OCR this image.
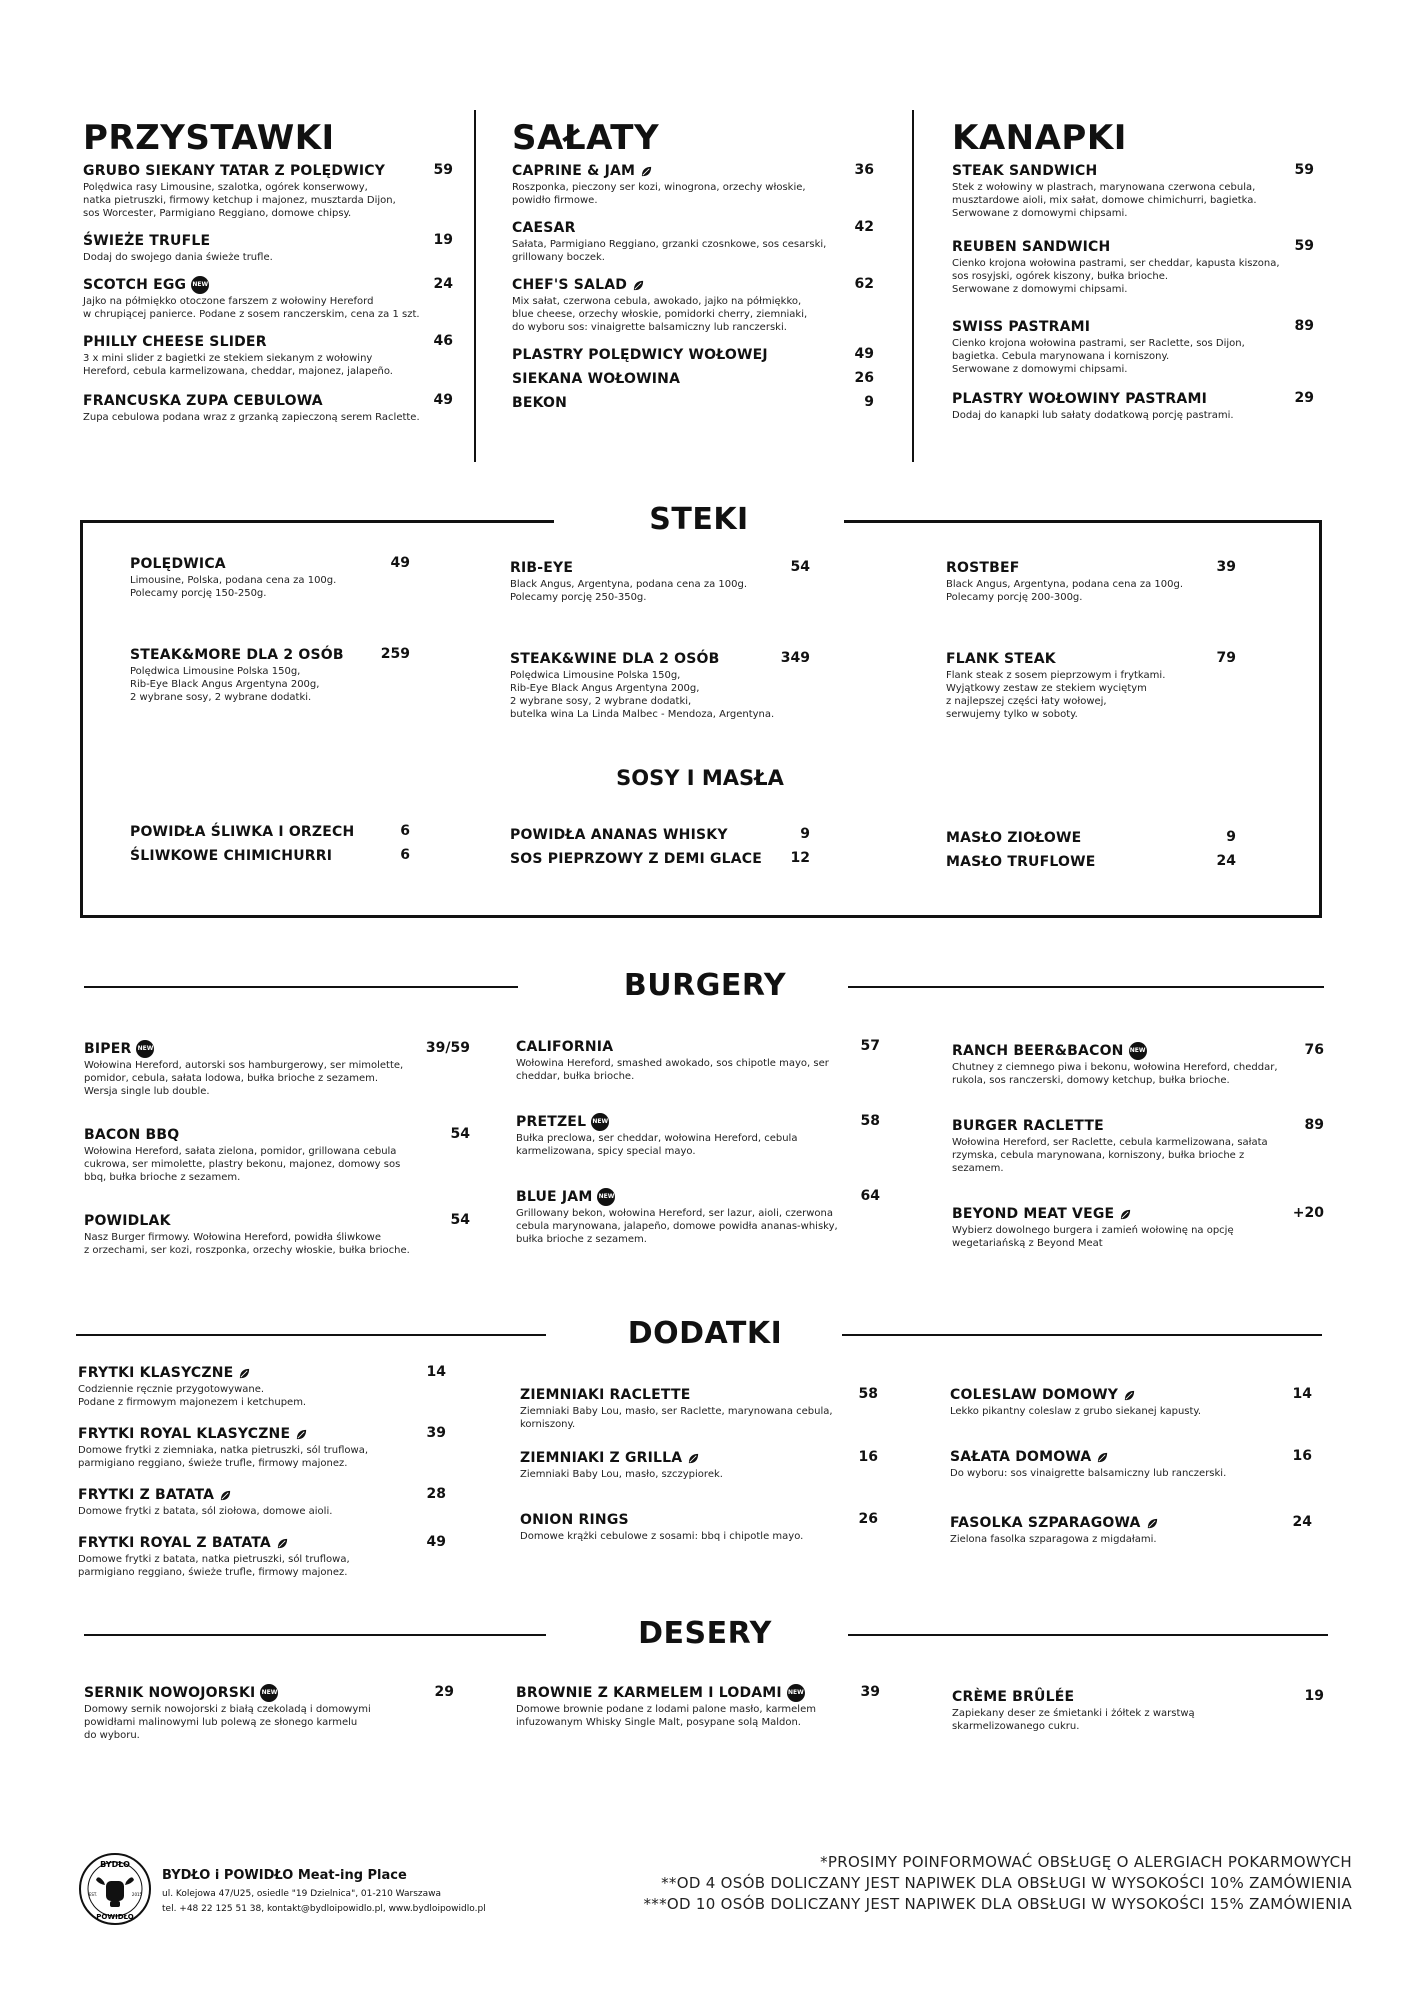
PRZYSTAWKI
GRUBO SIEKANY TATAR Z POLĘDWICY	59
Polędwica rasy Limousine, szalotka, ogórek konserwowy,
natka pietruszki, firmowy ketchup i majonez, musztarda Dijon,
sos Worcester, Parmigiano Reggiano, domowe chipsy.
ŚWIEŻE TRUFLE	19
Dodaj do swojego dania świeże trufle.
SCOTCH EGG NEW	24
Jajko na półmiękko otoczone farszem z wołowiny Hereford
w chrupiącej panierce. Podane z sosem ranczerskim, cena za 1 szt.
PHILLY CHEESE SLIDER	46
3 x mini slider z bagietki ze stekiem siekanym z wołowiny
Hereford, cebula karmelizowana, cheddar, majonez, jalapeño.
FRANCUSKA ZUPA CEBULOWA	49
Zupa cebulowa podana wraz z grzanką zapieczoną serem Raclette.
SAŁATY
CAPRINE & JAM	36
Roszponka, pieczony ser kozi, winogrona, orzechy włoskie,
powidło firmowe.
CAESAR	42
Sałata, Parmigiano Reggiano, grzanki czosnkowe, sos cesarski,
grillowany boczek.
CHEF'S SALAD	62
Mix sałat, czerwona cebula, awokado, jajko na półmiękko,
blue cheese, orzechy włoskie, pomidorki cherry, ziemniaki,
do wyboru sos: vinaigrette balsamiczny lub ranczerski.
PLASTRY POLĘDWICY WOŁOWEJ	49
SIEKANA WOŁOWINA	26
BEKON	9
KANAPKI
STEAK SANDWICH	59
Stek z wołowiny w plastrach, marynowana czerwona cebula,
musztardowe aioli, mix sałat, domowe chimichurri, bagietka.
Serwowane z domowymi chipsami.
REUBEN SANDWICH	59
Cienko krojona wołowina pastrami, ser cheddar, kapusta kiszona,
sos rosyjski, ogórek kiszony, bułka brioche.
Serwowane z domowymi chipsami.
SWISS PASTRAMI	89
Cienko krojona wołowina pastrami, ser Raclette, sos Dijon,
bagietka. Cebula marynowana i korniszony.
Serwowane z domowymi chipsami.
PLASTRY WOŁOWINY PASTRAMI	29
Dodaj do kanapki lub sałaty dodatkową porcję pastrami.
STEKI
POLĘDWICA	49
Limousine, Polska, podana cena za 100g.
Polecamy porcję 150-250g.
STEAK&MORE DLA 2 OSÓB	259
Polędwica Limousine Polska 150g,
Rib-Eye Black Angus Argentyna 200g,
2 wybrane sosy, 2 wybrane dodatki.
RIB-EYE	54
Black Angus, Argentyna, podana cena za 100g.
Polecamy porcję 250-350g.
STEAK&WINE DLA 2 OSÓB	349
Polędwica Limousine Polska 150g,
Rib-Eye Black Angus Argentyna 200g,
2 wybrane sosy, 2 wybrane dodatki,
butelka wina La Linda Malbec - Mendoza, Argentyna.
ROSTBEF	39
Black Angus, Argentyna, podana cena za 100g.
Polecamy porcję 200-300g.
FLANK STEAK	79
Flank steak z sosem pieprzowym i frytkami.
Wyjątkowy zestaw ze stekiem wyciętym
z najlepszej części łaty wołowej,
serwujemy tylko w soboty.
SOSY I MASŁA
POWIDŁA ŚLIWKA I ORZECH	6
ŚLIWKOWE CHIMICHURRI	6
POWIDŁA ANANAS WHISKY	9
SOS PIEPRZOWY Z DEMI GLACE 12
MASŁO ZIOŁOWE	9
MASŁO TRUFLOWE	24
BURGERY
BIPER NEW	39/59
Wołowina Hereford, autorski sos hamburgerowy, ser mimolette,
pomidor, cebula, sałata lodowa, bułka brioche z sezamem.
Wersja single lub double.
BACON BBQ	54
Wołowina Hereford, sałata zielona, pomidor, grillowana cebula
cukrowa, ser mimolette, plastry bekonu, majonez, domowy sos
bbq, bułka brioche z sezamem.
POWIDLAK	54
Nasz Burger firmowy. Wołowina Hereford, powidła śliwkowe
z orzechami, ser kozi, roszponka, orzechy włoskie, bułka brioche.
CALIFORNIA	57
Wołowina Hereford, smashed awokado, sos chipotle mayo, ser
cheddar, bułka brioche.
PRETZEL NEW	58
Bułka preclowa, ser cheddar, wołowina Hereford, cebula
karmelizowana, spicy special mayo.
BLUE JAM NEW	64
Grillowany bekon, wołowina Hereford, ser lazur, aioli, czerwona
cebula marynowana, jalapeño, domowe powidła ananas-whisky,
bułka brioche z sezamem.
RANCH BEER&BACON NEW	76
Chutney z ciemnego piwa i bekonu, wołowina Hereford, cheddar,
rukola, sos ranczerski, domowy ketchup, bułka brioche.
BURGER RACLETTE	89
Wołowina Hereford, ser Raclette, cebula karmelizowana, sałata
rzymska, cebula marynowana, korniszony, bułka brioche z
sezamem.
BEYOND MEAT VEGE	+20
Wybierz dowolnego burgera i zamień wołowinę na opcję
wegetariańską z Beyond Meat
DODATKI
FRYTKI KLASYCZNE	14
Codziennie ręcznie przygotowywane.
Podane z firmowym majonezem i ketchupem.
FRYTKI ROYAL KLASYCZNE	39
Domowe frytki z ziemniaka, natka pietruszki, sól truflowa,
parmigiano reggiano, świeże trufle, firmowy majonez.
FRYTKI Z BATATA	28
Domowe frytki z batata, sól ziołowa, domowe aioli.
FRYTKI ROYAL Z BATATA	49
Domowe frytki z batata, natka pietruszki, sól truflowa,
parmigiano reggiano, świeże trufle, firmowy majonez.
ZIEMNIAKI RACLETTE	58
Ziemniaki Baby Lou, masło, ser Raclette, marynowana cebula,
korniszony.
ZIEMNIAKI Z GRILLA	16
Ziemniaki Baby Lou, masło, szczypiorek.
ONION RINGS	26
Domowe krążki cebulowe z sosami: bbq i chipotle mayo.
COLESLAW DOMOWY	14
Lekko pikantny coleslaw z grubo siekanej kapusty.
SAŁATA DOMOWA	16
Do wyboru: sos vinaigrette balsamiczny lub ranczerski.
FASOLKA SZPARAGOWA	24
Zielona fasolka szparagowa z migdałami.
DESERY
SERNIK NOWOJORSKI NEW	29
Domowy sernik nowojorski z białą czekoladą i domowymi
powidłami malinowymi lub polewą ze słonego karmelu
do wyboru.
BROWNIE Z KARMELEM I LODAMI NEW	39
Domowe brownie podane z lodami palone masło, karmelem
infuzowanym Whisky Single Malt, posypane solą Maldon.
CRÈME BRÛLÉE	19
Zapiekany deser ze śmietanki i żółtek z warstwą
skarmelizowanego cukru.
BYDŁO
POWIDŁO
EST.	2015
BYDŁO i POWIDŁO Meat-ing Place
ul. Kolejowa 47/U25, osiedle "19 Dzielnica", 01-210 Warszawa
tel. +48 22 125 51 38, kontakt@bydloipowidlo.pl, www.bydloipowidlo.pl
*PROSIMY POINFORMOWAĆ OBSŁUGĘ O ALERGIACH POKARMOWYCH
**OD 4 OSÓB DOLICZANY JEST NAPIWEK DLA OBSŁUGI W WYSOKOŚCI 10% ZAMÓWIENIA
***OD 10 OSÓB DOLICZANY JEST NAPIWEK DLA OBSŁUGI W WYSOKOŚCI 15% ZAMÓWIENIA
